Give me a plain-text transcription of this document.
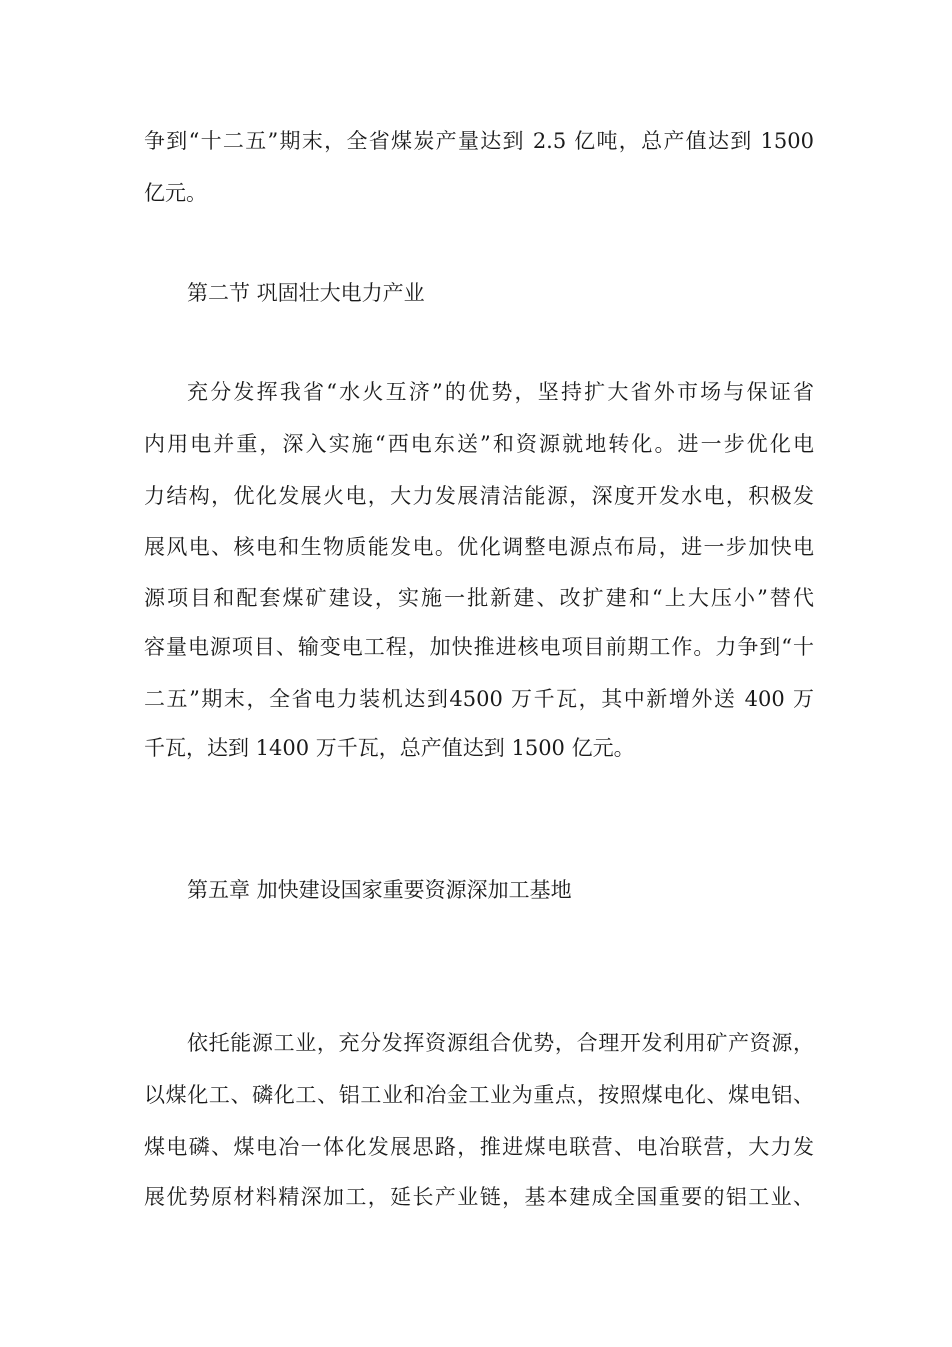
争到“十二五”期末，全省煤炭产量达到 2.5 亿吨，总产值达到 1500
亿元。
第二节 巩固壮大电力产业
充分发挥我省“水火互济”的优势，坚持扩大省外市场与保证省
内用电并重，深入实施“西电东送”和资源就地转化。进一步优化电
力结构，优化发展火电，大力发展清洁能源，深度开发水电，积极发
展风电、核电和生物质能发电。优化调整电源点布局，进一步加快电
源项目和配套煤矿建设，实施一批新建、改扩建和“上大压小”替代
容量电源项目、输变电工程，加快推进核电项目前期工作。力争到“十
二五”期末，全省电力装机达到4500 万千瓦，其中新增外送 400 万
千瓦，达到 1400 万千瓦，总产值达到 1500 亿元。
第五章 加快建设国家重要资源深加工基地
依托能源工业，充分发挥资源组合优势，合理开发利用矿产资源，
以煤化工、磷化工、铝工业和冶金工业为重点，按照煤电化、煤电铝、
煤电磷、煤电冶一体化发展思路，推进煤电联营、电冶联营，大力发
展优势原材料精深加工，延长产业链，基本建成全国重要的铝工业、
